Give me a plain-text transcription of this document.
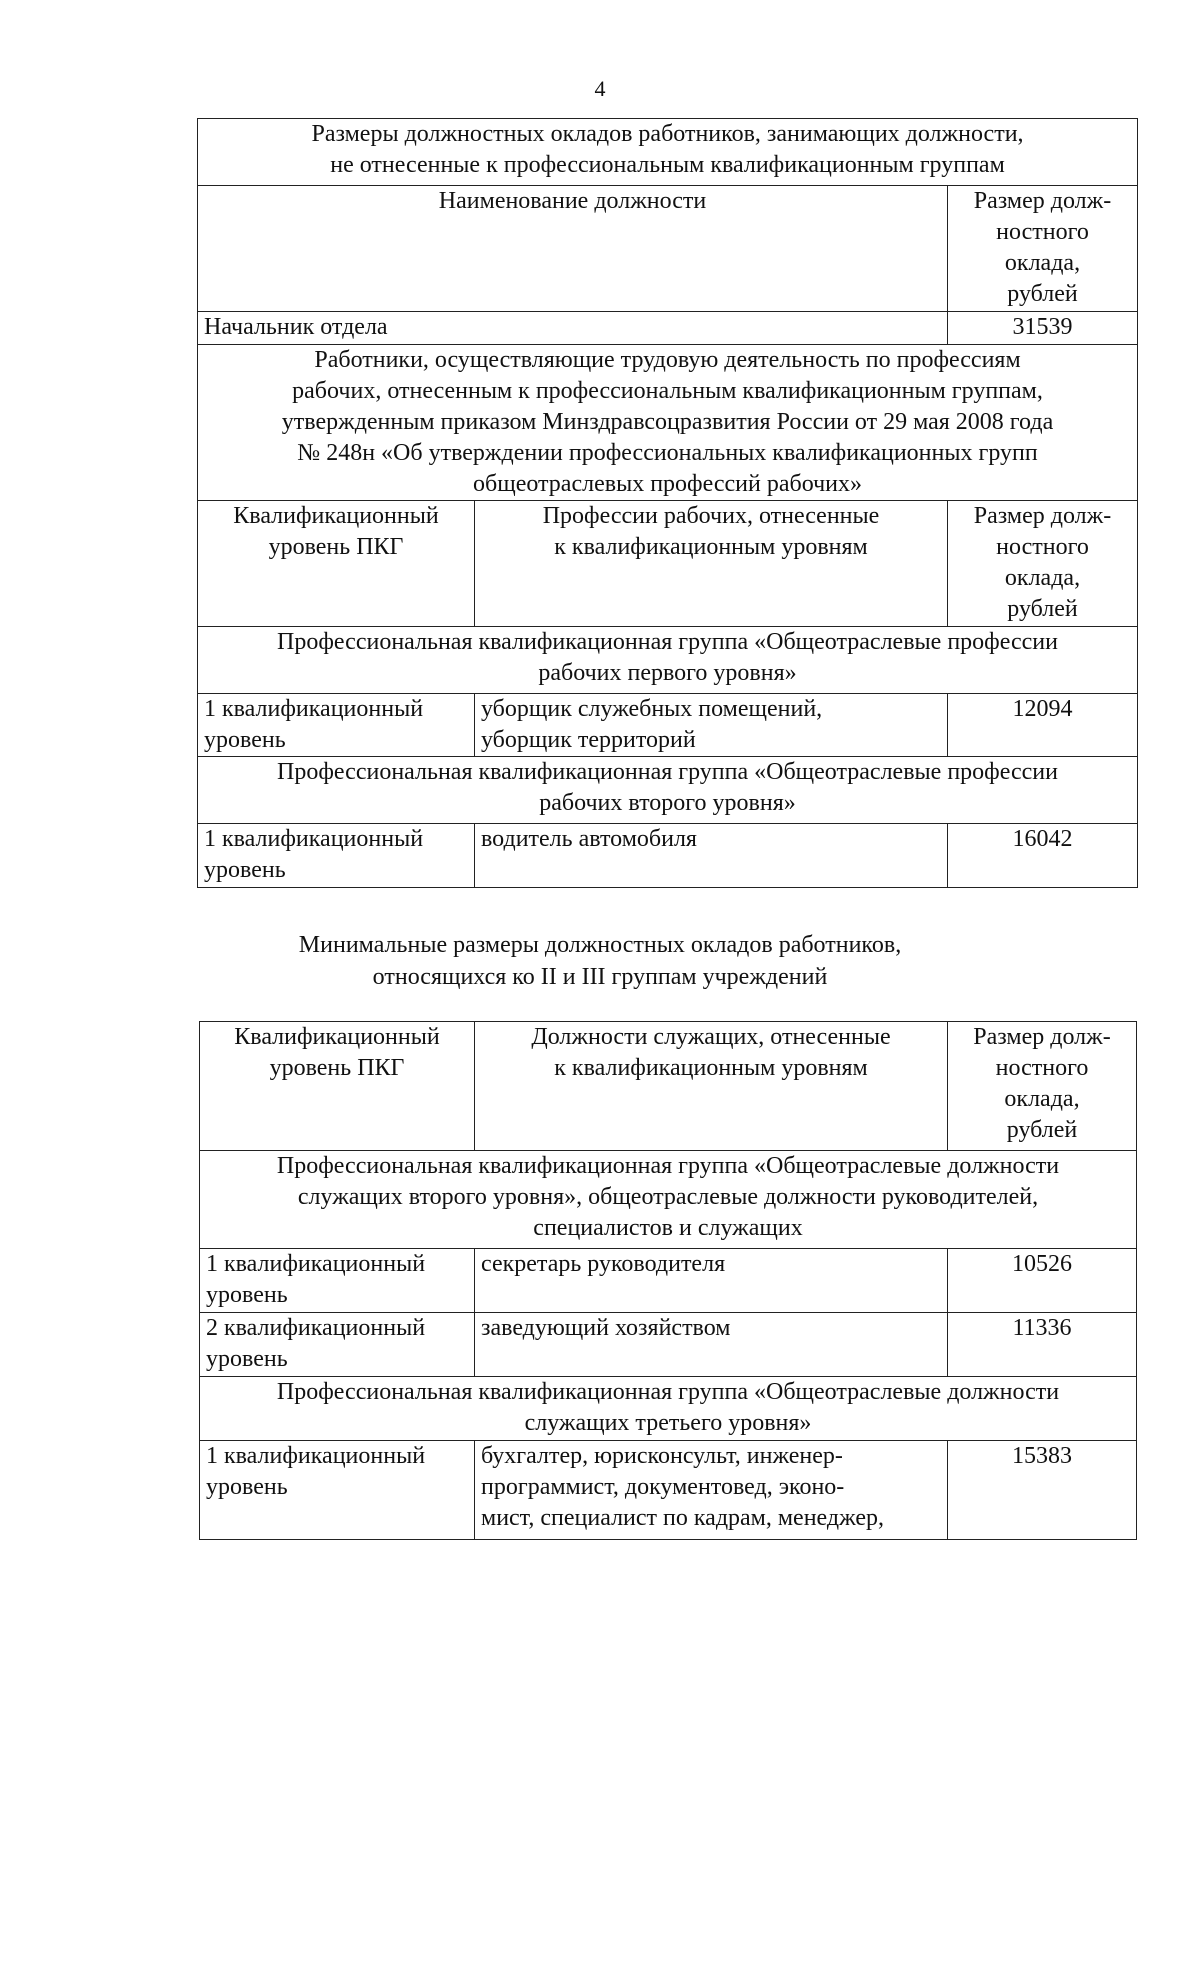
4
Размеры должностных окладов работников, занимающих должности,
не отнесенные к профессиональным квалификационным группам		

Наименование должности		Размер долж-
ностного
оклада,
рублей

Начальник отдела		31539

Работники, осуществляющие трудовую деятельность по профессиям
рабочих, отнесенным к профессиональным квалификационным группам,
утвержденным приказом Минздравсоцразвития России от 29 мая 2008 года
№ 248н «Об утверждении профессиональных квалификационных групп
общеотраслевых профессий рабочих»		

Квалификационный
уровень ПКГ	Профессии рабочих, отнесенные
к квалификационным уровням	Размер долж-
ностного
оклада,
рублей

Профессиональная квалификационная группа «Общеотраслевые профессии
рабочих первого уровня»		

1 квалификационный
уровень	уборщик служебных помещений,
уборщик территорий	12094

Профессиональная квалификационная группа «Общеотраслевые профессии
рабочих второго уровня»		

1 квалификационный
уровень	водитель автомобиля	16042
Минимальные размеры должностных окладов работников,
относящихся ко II и III группам учреждений
Квалификационный
уровень ПКГ	Должности служащих, отнесенные
к квалификационным уровням	Размер долж-
ностного
оклада,
рублей

Профессиональная квалификационная группа «Общеотраслевые должности
служащих второго уровня», общеотраслевые должности руководителей,
специалистов и служащих		

1 квалификационный
уровень	секретарь руководителя	10526

2 квалификационный
уровень	заведующий хозяйством	11336

Профессиональная квалификационная группа «Общеотраслевые должности
служащих третьего уровня»		

1 квалификационный
уровень	бухгалтер, юрисконсульт, инженер-
программист, документовед, эконо-
мист, специалист по кадрам, менеджер,	15383
